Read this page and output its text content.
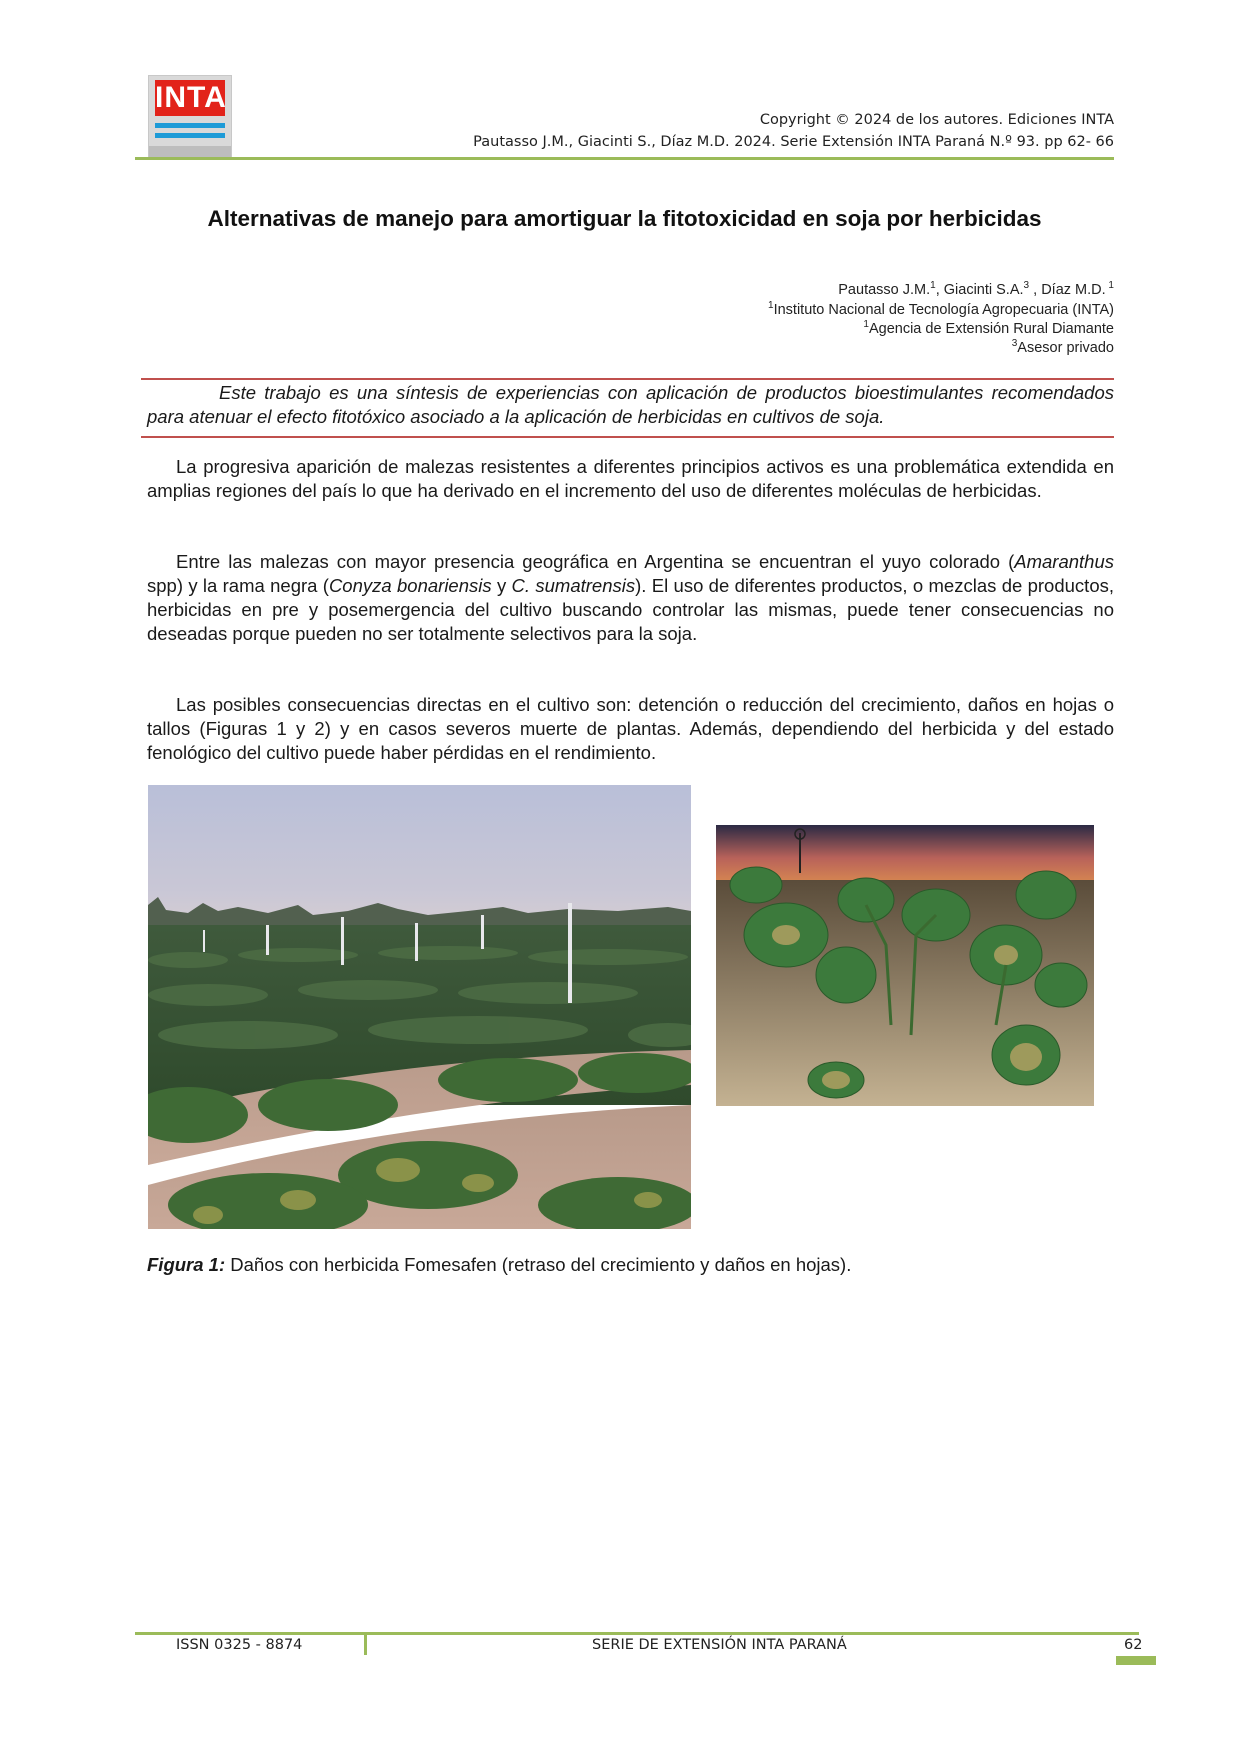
INTA
Copyright © 2024 de los autores. Ediciones INTA
Pautasso J.M., Giacinti S., Díaz M.D. 2024. Serie Extensión INTA Paraná N.º 93. pp 62- 66
Alternativas de manejo para amortiguar la fitotoxicidad en soja por herbicidas
Pautasso J.M.$^1$, Giacinti S.A.$^3$ , Díaz M.D. $^1$
$^1$Instituto Nacional de Tecnología Agropecuaria (INTA)
$^1$Agencia de Extensión Rural Diamante
$^3$Asesor privado
Este trabajo es una síntesis de experiencias con aplicación de productos bioestimulantes recomendados para atenuar el efecto fitotóxico asociado a la aplicación de herbicidas en cultivos de soja.
La progresiva aparición de malezas resistentes a diferentes principios activos es una problemática extendida en amplias regiones del país lo que ha derivado en el incremento del uso de diferentes moléculas de herbicidas.
Entre las malezas con mayor presencia geográfica en Argentina se encuentran el yuyo colorado (Amaranthus spp) y la rama negra (Conyza bonariensis y C. sumatrensis). El uso de diferentes productos, o mezclas de productos, herbicidas en pre y posemergencia del cultivo buscando controlar las mismas, puede tener consecuencias no deseadas porque pueden no ser totalmente selectivos para la soja.
Las posibles consecuencias directas en el cultivo son: detención o reducción del crecimiento, daños en hojas o tallos (Figuras 1 y 2) y en casos severos muerte de plantas. Además, dependiendo del herbicida y del estado fenológico del cultivo puede haber pérdidas en el rendimiento.
Figura 1: Daños con herbicida Fomesafen (retraso del crecimiento y daños en hojas).
ISSN 0325 - 8874	SERIE DE EXTENSIÓN INTA PARANÁ	62
